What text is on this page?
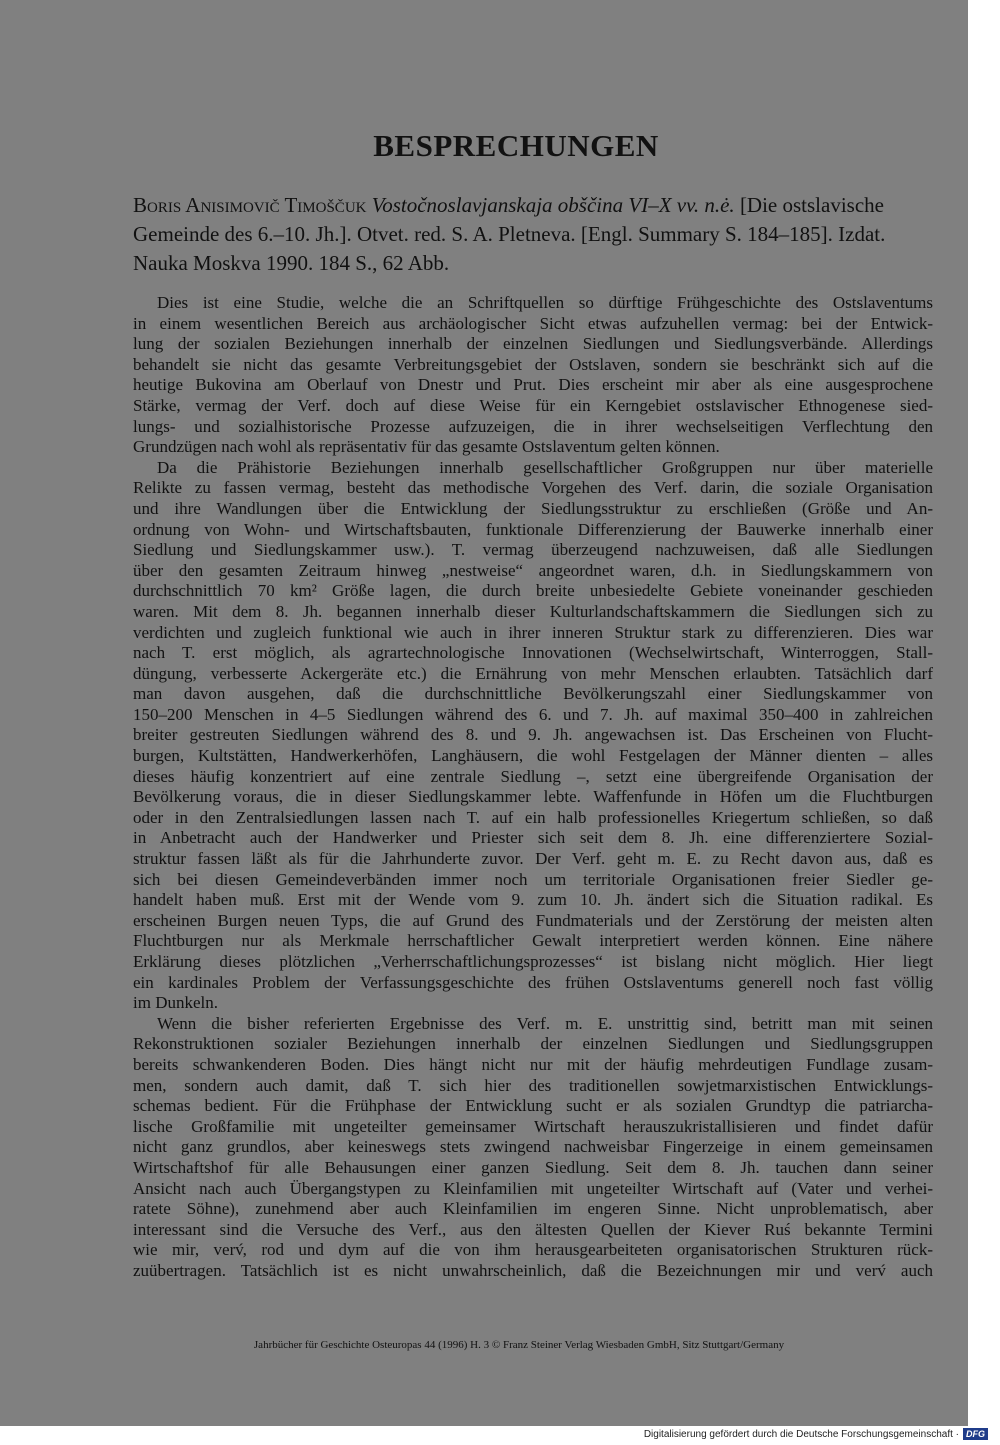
BESPRECHUNGEN
Boris Anisimovič Timoščuk Vostočnoslavjanskaja obščina VI–X vv. n.ė. [Die ostslavische
Gemeinde des 6.–10. Jh.]. Otvet. red. S. A. Pletneva. [Engl. Summary S. 184–185]. Izdat.
Nauka Moskva 1990. 184 S., 62 Abb.
Dies ist eine Studie, welche die an Schriftquellen so dürftige Frühgeschichte des Ostslaventums
in einem wesentlichen Bereich aus archäologischer Sicht etwas aufzuhellen vermag: bei der Entwick-
lung der sozialen Beziehungen innerhalb der einzelnen Siedlungen und Siedlungsverbände. Allerdings
behandelt sie nicht das gesamte Verbreitungsgebiet der Ostslaven, sondern sie beschränkt sich auf die
heutige Bukovina am Oberlauf von Dnestr und Prut. Dies erscheint mir aber als eine ausgesprochene
Stärke, vermag der Verf. doch auf diese Weise für ein Kerngebiet ostslavischer Ethnogenese sied-
lungs- und sozialhistorische Prozesse aufzuzeigen, die in ihrer wechselseitigen Verflechtung den
Grundzügen nach wohl als repräsentativ für das gesamte Ostslaventum gelten können.
Da die Prähistorie Beziehungen innerhalb gesellschaftlicher Großgruppen nur über materielle
Relikte zu fassen vermag, besteht das methodische Vorgehen des Verf. darin, die soziale Organisation
und ihre Wandlungen über die Entwicklung der Siedlungsstruktur zu erschließen (Größe und An-
ordnung von Wohn- und Wirtschaftsbauten, funktionale Differenzierung der Bauwerke innerhalb einer
Siedlung und Siedlungskammer usw.). T. vermag überzeugend nachzuweisen, daß alle Siedlungen
über den gesamten Zeitraum hinweg „nestweise“ angeordnet waren, d.h. in Siedlungskammern von
durchschnittlich 70 km² Größe lagen, die durch breite unbesiedelte Gebiete voneinander geschieden
waren. Mit dem 8. Jh. begannen innerhalb dieser Kulturlandschaftskammern die Siedlungen sich zu
verdichten und zugleich funktional wie auch in ihrer inneren Struktur stark zu differenzieren. Dies war
nach T. erst möglich, als agrartechnologische Innovationen (Wechselwirtschaft, Winterroggen, Stall-
düngung, verbesserte Ackergeräte etc.) die Ernährung von mehr Menschen erlaubten. Tatsächlich darf
man davon ausgehen, daß die durchschnittliche Bevölkerungszahl einer Siedlungskammer von
150–200 Menschen in 4–5 Siedlungen während des 6. und 7. Jh. auf maximal 350–400 in zahlreichen
breiter gestreuten Siedlungen während des 8. und 9. Jh. angewachsen ist. Das Erscheinen von Flucht-
burgen, Kultstätten, Handwerkerhöfen, Langhäusern, die wohl Festgelagen der Männer dienten – alles
dieses häufig konzentriert auf eine zentrale Siedlung –, setzt eine übergreifende Organisation der
Bevölkerung voraus, die in dieser Siedlungskammer lebte. Waffenfunde in Höfen um die Fluchtburgen
oder in den Zentralsiedlungen lassen nach T. auf ein halb professionelles Kriegertum schließen, so daß
in Anbetracht auch der Handwerker und Priester sich seit dem 8. Jh. eine differenziertere Sozial-
struktur fassen läßt als für die Jahrhunderte zuvor. Der Verf. geht m. E. zu Recht davon aus, daß es
sich bei diesen Gemeindeverbänden immer noch um territoriale Organisationen freier Siedler ge-
handelt haben muß. Erst mit der Wende vom 9. zum 10. Jh. ändert sich die Situation radikal. Es
erscheinen Burgen neuen Typs, die auf Grund des Fundmaterials und der Zerstörung der meisten alten
Fluchtburgen nur als Merkmale herrschaftlicher Gewalt interpretiert werden können. Eine nähere
Erklärung dieses plötzlichen „Verherrschaftlichungsprozesses“ ist bislang nicht möglich. Hier liegt
ein kardinales Problem der Verfassungsgeschichte des frühen Ostslaventums generell noch fast völlig
im Dunkeln.
Wenn die bisher referierten Ergebnisse des Verf. m. E. unstrittig sind, betritt man mit seinen
Rekonstruktionen sozialer Beziehungen innerhalb der einzelnen Siedlungen und Siedlungsgruppen
bereits schwankenderen Boden. Dies hängt nicht nur mit der häufig mehrdeutigen Fundlage zusam-
men, sondern auch damit, daß T. sich hier des traditionellen sowjetmarxistischen Entwicklungs-
schemas bedient. Für die Frühphase der Entwicklung sucht er als sozialen Grundtyp die patriarcha-
lische Großfamilie mit ungeteilter gemeinsamer Wirtschaft herauszukristallisieren und findet dafür
nicht ganz grundlos, aber keineswegs stets zwingend nachweisbar Fingerzeige in einem gemeinsamen
Wirtschaftshof für alle Behausungen einer ganzen Siedlung. Seit dem 8. Jh. tauchen dann seiner
Ansicht nach auch Übergangstypen zu Kleinfamilien mit ungeteilter Wirtschaft auf (Vater und verhei-
ratete Söhne), zunehmend aber auch Kleinfamilien im engeren Sinne. Nicht unproblematisch, aber
interessant sind die Versuche des Verf., aus den ältesten Quellen der Kiever Ruś bekannte Termini
wie mir, verv́, rod und dym auf die von ihm herausgearbeiteten organisatorischen Strukturen rück-
zuübertragen. Tatsächlich ist es nicht unwahrscheinlich, daß die Bezeichnungen mir und verv́ auch
Jahrbücher für Geschichte Osteuropas 44 (1996) H. 3 © Franz Steiner Verlag Wiesbaden GmbH, Sitz Stuttgart/Germany
Digitalisierung gefördert durch die Deutsche Forschungsgemeinschaft · DFG
